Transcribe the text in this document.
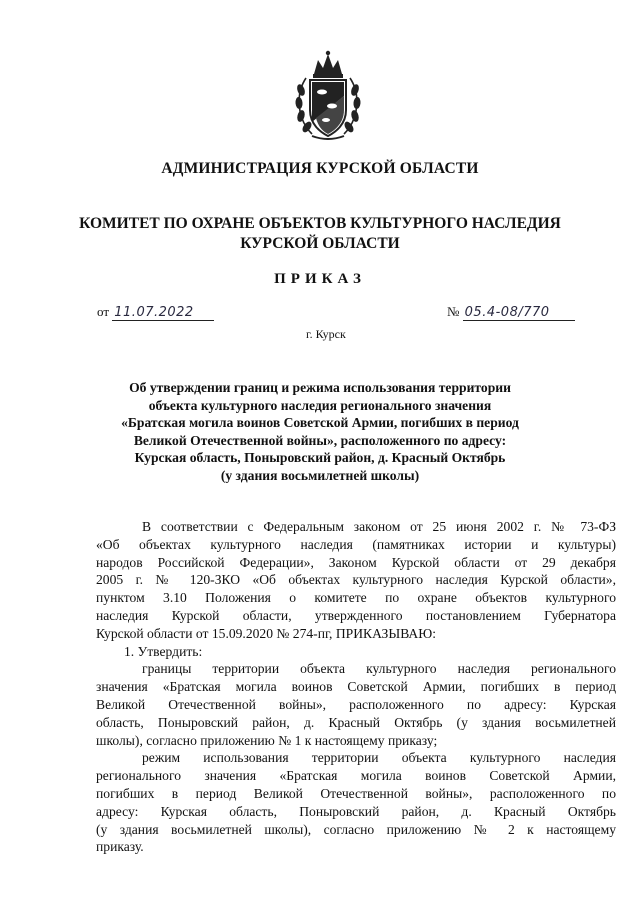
АДМИНИСТРАЦИЯ КУРСКОЙ ОБЛАСТИ
КОМИТЕТ ПО ОХРАНЕ ОБЪЕКТОВ КУЛЬТУРНОГО НАСЛЕДИЯ
КУРСКОЙ ОБЛАСТИ
ПРИКАЗ
от 11.07.2022	№ 05.4-08/770
г. Курск
Об утверждении границ и режима использования территории
объекта культурного наследия регионального значения
«Братская могила воинов Советской Армии, погибших в период
Великой Отечественной войны», расположенного по адресу:
Курская область, Поныровский район, д. Красный Октябрь
(у здания восьмилетней школы)
В соответствии с Федеральным законом от 25 июня 2002 г. № 73-ФЗ
«Об объектах культурного наследия (памятниках истории и культуры)
народов Российской Федерации», Законом Курской области от 29 декабря
2005 г. № 120-ЗКО «Об объектах культурного наследия Курской области»,
пунктом 3.10 Положения о комитете по охране объектов культурного
наследия Курской области, утвержденного постановлением Губернатора
Курской области от 15.09.2020 № 274-пг, ПРИКАЗЫВАЮ:
1. Утвердить:
границы территории объекта культурного наследия регионального
значения «Братская могила воинов Советской Армии, погибших в период
Великой Отечественной войны», расположенного по адресу: Курская
область, Поныровский район, д. Красный Октябрь (у здания восьмилетней
школы), согласно приложению № 1 к настоящему приказу;
режим использования территории объекта культурного наследия
регионального значения «Братская могила воинов Советской Армии,
погибших в период Великой Отечественной войны», расположенного по
адресу: Курская область, Поныровский район, д. Красный Октябрь
(у здания восьмилетней школы), согласно приложению № 2 к настоящему
приказу.
